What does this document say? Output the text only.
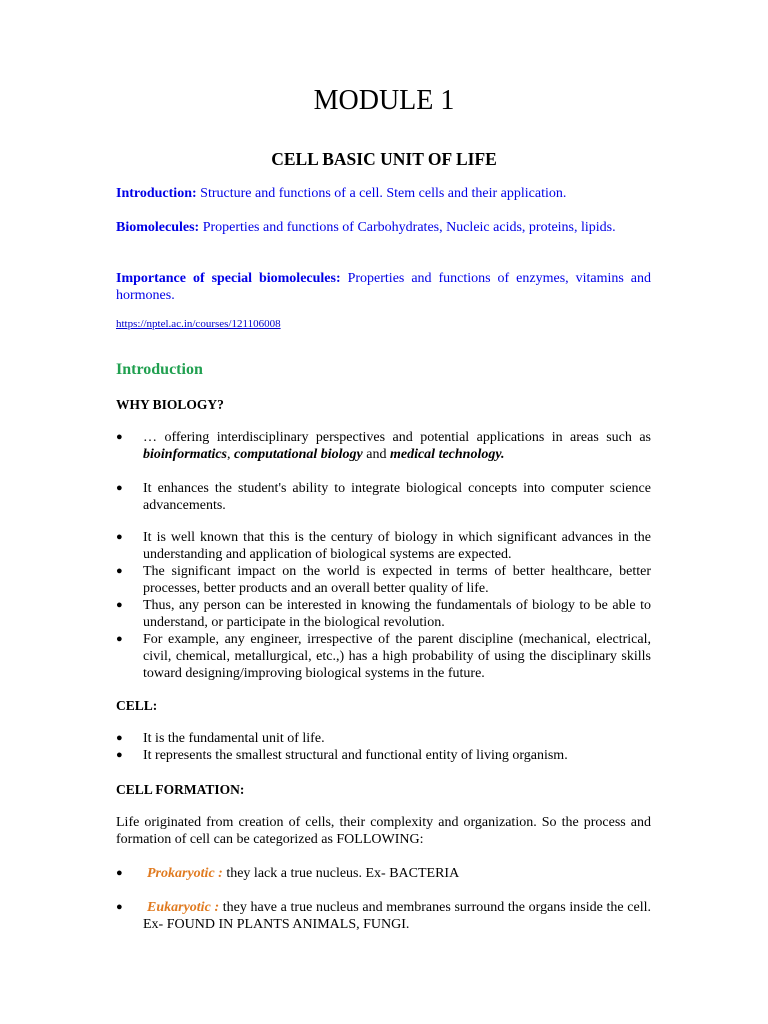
MODULE 1
CELL BASIC UNIT OF LIFE
Introduction: Structure and functions of a cell. Stem cells and their application.
Biomolecules: Properties and functions of Carbohydrates, Nucleic acids, proteins, lipids.
Importance of special biomolecules: Properties and functions of enzymes, vitamins and hormones.
https://nptel.ac.in/courses/121106008
Introduction
WHY BIOLOGY?
●	… offering interdisciplinary perspectives and potential applications in areas such as bioinformatics, computational biology and medical technology.
●	It enhances the student's ability to integrate biological concepts into computer science advancements.
●	It is well known that this is the century of biology in which significant advances in the understanding and application of biological systems are expected.
●	The significant impact on the world is expected in terms of better healthcare, better processes, better products and an overall better quality of life.
●	Thus, any person can be interested in knowing the fundamentals of biology to be able to understand, or participate in the biological revolution.
●	For example, any engineer, irrespective of the parent discipline (mechanical, electrical, civil, chemical, metallurgical, etc.,) has a high probability of using the disciplinary skills toward designing/improving biological systems in the future.
CELL:
●	It is the fundamental unit of life.
●	It represents the smallest structural and functional entity of living organism.
CELL FORMATION:
Life originated from creation of cells, their complexity and organization. So the process and formation of cell can be categorized as FOLLOWING:
●	Prokaryotic : they lack a true nucleus. Ex- BACTERIA
●	Eukaryotic : they have a true nucleus and membranes surround the organs inside the cell. Ex- FOUND IN PLANTS ANIMALS, FUNGI.
